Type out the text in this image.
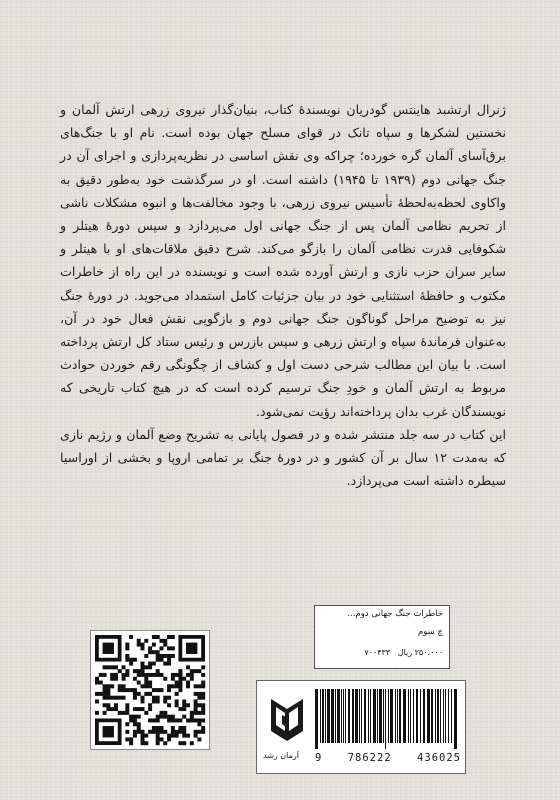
ژنرال ارتشبد هاینتس گودریان نویسندهٔ کتاب، بنیان‌گذار نیروی زرهی ارتش آلمان و نخستین لشکرها و سپاه تانک در قوای مسلح جهان بوده است. نام او با جنگ‌های برق‌آسای آلمان گره خورده؛ چراکه وی نقش اساسی در نظریه‌پردازی و اجرای آن در جنگ جهانی دوم (۱۹۳۹ تا ۱۹۴۵) داشته است. او در سرگذشت خود به‌طور دقیق به واکاوی لحظه‌به‌لحظهٔ تأسیس نیروی زرهی، با وجود مخالفت‌ها و انبوه مشکلات ناشی از تحریم نظامی آلمان پس از جنگ جهانی اول می‌پردازد و سپس دورهٔ هیتلر و شکوفایی قدرت نظامی آلمان را بازگو می‌کند. شرح دقیق ملاقات‌های او با هیتلر و سایر سران حزب نازی و ارتش آورده شده است و نویسنده در این راه از خاطرات مکتوب و حافظهٔ استثنایی خود در بیان جزئیات کامل استمداد می‌جوید. در دورهٔ جنگ نیز به توضیح مراحل گوناگون جنگ جهانی دوم و بازگویی نقش فعال خود در آن، به‌عنوان فرماندهٔ سپاه و ارتش زرهی و سپس بازرس و رئیس ستاد کل ارتش پرداخته است. با بیان این مطالب شرحی دست اول و کشاف از چگونگی رقم خوردن حوادث مربوط به ارتش آلمان و خودِ جنگ ترسیم کرده است که در هیچ کتاب تاریخی که نویسندگان غرب بدان پرداخته‌اند رؤیت نمی‌شود.

این کتاب در سه جلد منتشر شده و در فصول پایانی به تشریح وضع آلمان و رژیم نازی که به‌مدت ۱۲ سال بر آن کشور و در دورهٔ جنگ بر تمامی اروپا و بخشی از اوراسیا سیطره داشته است می‌پردازد.

خاطرات جنگ جهانی دوم...
چ سوم
۲۵۰،۰۰۰ ریال   ۷۰۰۴۳۳
آرمان رشد 9 786222 436025
